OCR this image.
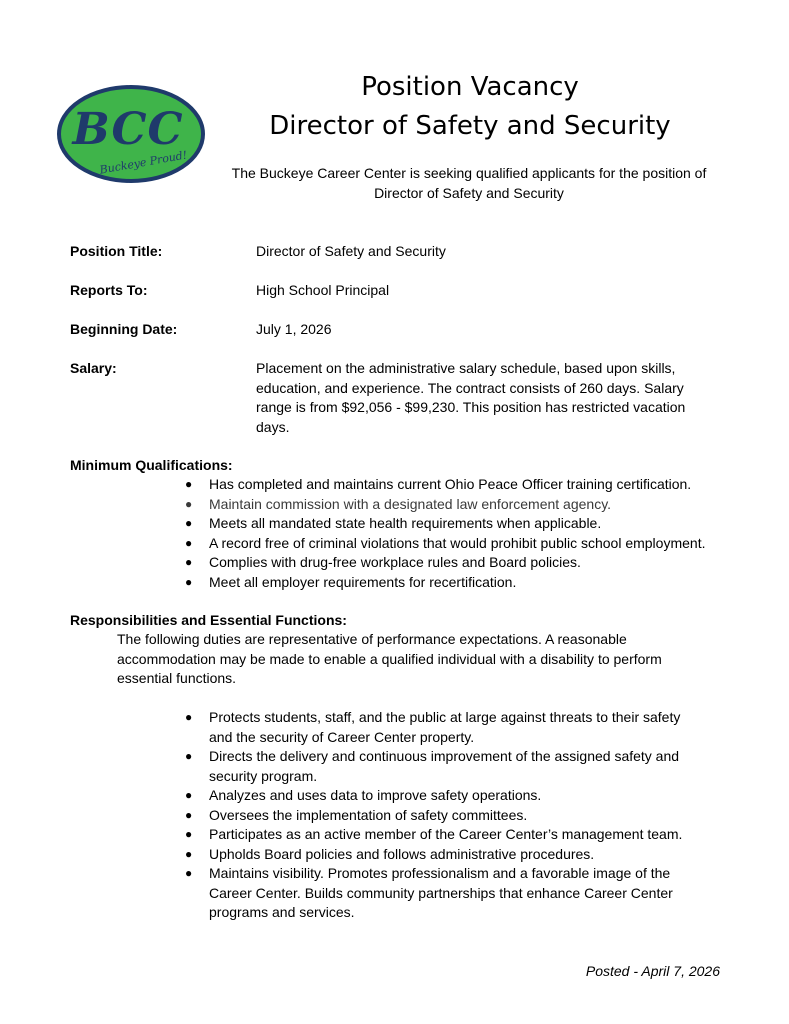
BCC
Buckeye Proud!
Position Vacancy
Director of Safety and Security
The Buckeye Career Center is seeking qualified applicants for the position of Director of Safety and Security
Position Title:	Director of Safety and Security
Reports To:	High School Principal
Beginning Date:	July 1, 2026
Salary:	Placement on the administrative salary schedule, based upon skills, education, and experience. The contract consists of 260 days. Salary range is from $92,056 - $99,230. This position has restricted vacation days.
Minimum Qualifications:
● Has completed and maintains current Ohio Peace Officer training certification.
● Maintain commission with a designated law enforcement agency.
● Meets all mandated state health requirements when applicable.
● A record free of criminal violations that would prohibit public school employment.
● Complies with drug-free workplace rules and Board policies.
● Meet all employer requirements for recertification.
Responsibilities and Essential Functions:
The following duties are representative of performance expectations. A reasonable accommodation may be made to enable a qualified individual with a disability to perform essential functions.
● Protects students, staff, and the public at large against threats to their safety and the security of Career Center property.
● Directs the delivery and continuous improvement of the assigned safety and security program.
● Analyzes and uses data to improve safety operations.
● Oversees the implementation of safety committees.
● Participates as an active member of the Career Center’s management team.
● Upholds Board policies and follows administrative procedures.
● Maintains visibility. Promotes professionalism and a favorable image of the Career Center. Builds community partnerships that enhance Career Center programs and services.
Posted - April 7, 2026
